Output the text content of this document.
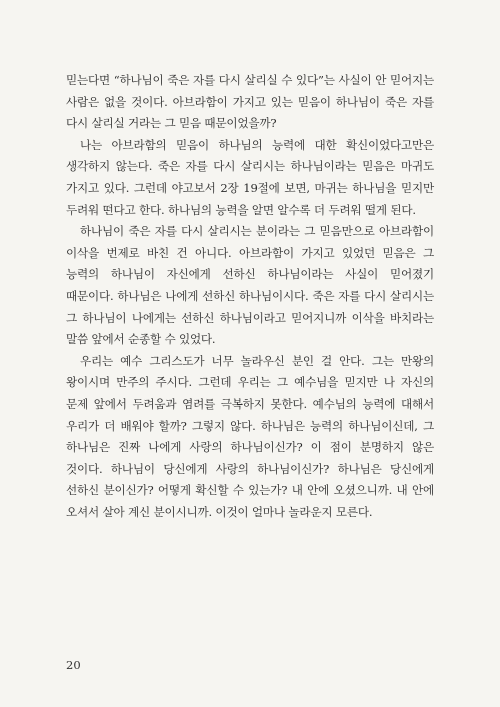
믿는다면 “하나님이 죽은 자를 다시 살리실 수 있다”는 사실이 안 믿어지는 사람은 없을 것이다. 아브라함이 가지고 있는 믿음이 하나님이 죽은 자를 다시 살리실 거라는 그 믿음 때문이었을까?

나는 아브라함의 믿음이 하나님의 능력에 대한 확신이었다고만은 생각하지 않는다. 죽은 자를 다시 살리시는 하나님이라는 믿음은 마귀도 가지고 있다. 그런데 야고보서 2장 19절에 보면, 마귀는 하나님을 믿지만 두려워 떤다고 한다. 하나님의 능력을 알면 알수록 더 두려워 떨게 된다.

하나님이 죽은 자를 다시 살리시는 분이라는 그 믿음만으로 아브라함이 이삭을 번제로 바친 건 아니다. 아브라함이 가지고 있었던 믿음은 그 능력의 하나님이 자신에게 선하신 하나님이라는 사실이 믿어졌기 때문이다. 하나님은 나에게 선하신 하나님이시다. 죽은 자를 다시 살리시는 그 하나님이 나에게는 선하신 하나님이라고 믿어지니까 이삭을 바치라는 말씀 앞에서 순종할 수 있었다.

우리는 예수 그리스도가 너무 놀라우신 분인 걸 안다. 그는 만왕의 왕이시며 만주의 주시다. 그런데 우리는 그 예수님을 믿지만 나 자신의 문제 앞에서 두려움과 염려를 극복하지 못한다. 예수님의 능력에 대해서 우리가 더 배워야 할까? 그렇지 않다. 하나님은 능력의 하나님이신데, 그 하나님은 진짜 나에게 사랑의 하나님이신가? 이 점이 분명하지 않은 것이다. 하나님이 당신에게 사랑의 하나님이신가? 하나님은 당신에게 선하신 분이신가? 어떻게 확신할 수 있는가? 내 안에 오셨으니까. 내 안에 오셔서 살아 계신 분이시니까. 이것이 얼마나 놀라운지 모른다.

20
